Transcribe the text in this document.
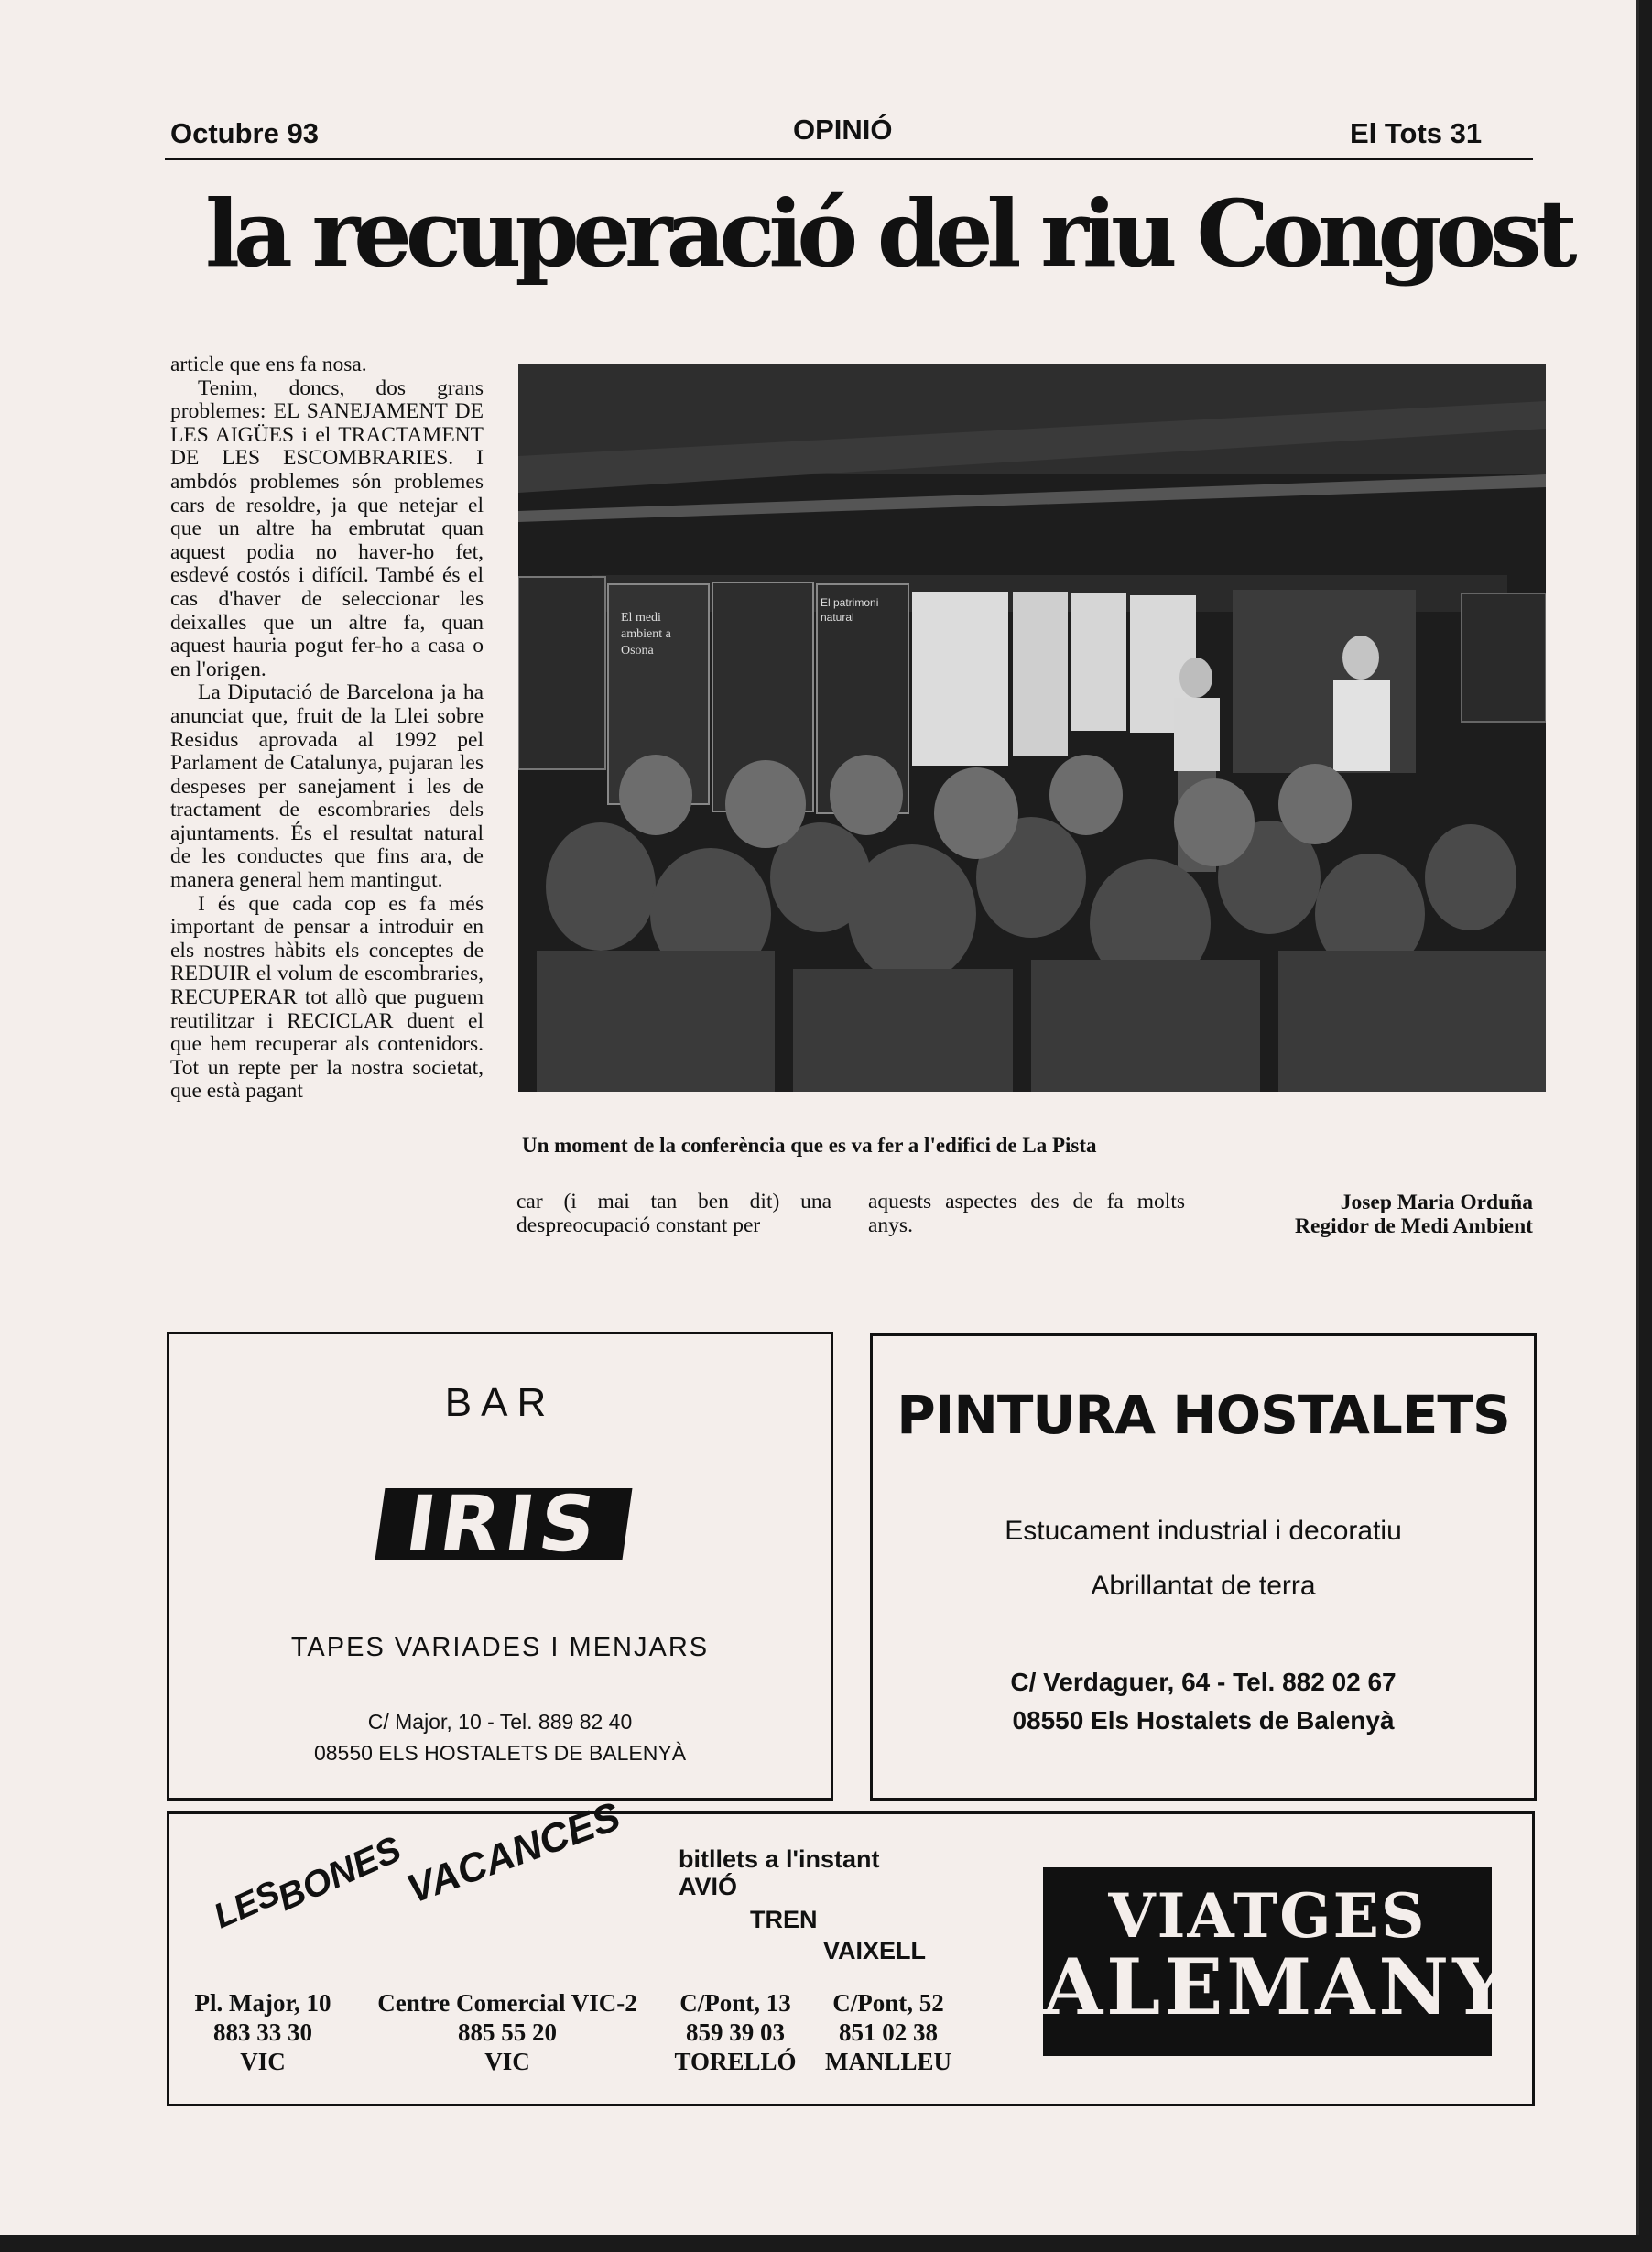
Octubre 93	OPINIÓ	El Tots 31
la recuperació del riu Congost

article que ens fa nosa.

Tenim, doncs, dos grans problemes: EL SANEJAMENT DE LES AIGÜES i el TRACTAMENT DE LES ESCOMBRARIES. I ambdós problemes són problemes cars de resoldre, ja que netejar el que un altre ha embrutat quan aquest podia no haver-ho fet, esdevé costós i difícil. També és el cas d'haver de seleccionar les deixalles que un altre fa, quan aquest hauria pogut fer-ho a casa o en l'origen.

La Diputació de Barcelona ja ha anunciat que, fruit de la Llei sobre Residus aprovada al 1992 pel Parlament de Catalunya, pujaran les despeses per sanejament i les de tractament de escombraries dels ajuntaments. És el resultat natural de les conductes que fins ara, de manera general hem mantingut.

I és que cada cop es fa més important de pensar a introduir en els nostres hàbits els conceptes de REDUIR el volum de escombraries, RECUPERAR tot allò que puguem reutilitzar i RECICLAR duent el que hem recuperar als contenidors. Tot un repte per la nostra societat, que està pagant

El medi
ambient a
Osona
El patrimoni
natural
Un moment de la conferència que es va fer a l'edifici de La Pista

car (i mai tan ben dit) una despreocupació constant per

aquests aspectes des de fa molts anys.

Josep Maria Orduña
Regidor de Medi Ambient
BAR
IRIS
TAPES VARIADES I MENJARS
C/ Major, 10 - Tel. 889 82 40
08550 ELS HOSTALETS DE BALENYÀ
PINTURA HOSTALETS
Estucament industrial i decoratiu
Abrillantat de terra
C/ Verdaguer, 64 - Tel. 882 02 67
08550 Els Hostalets de Balenyà
LES
BONES
VACANCES bitllets a l'instant
AVIÓ
TREN
VAIXELL
Pl. Major, 10
883 33 30
VIC
Centre Comercial VIC-2
885 55 20
VIC
C/Pont, 13
859 39 03
TORELLÓ
C/Pont, 52
851 02 38
MANLLEU
VIATGES
ALEMANY
